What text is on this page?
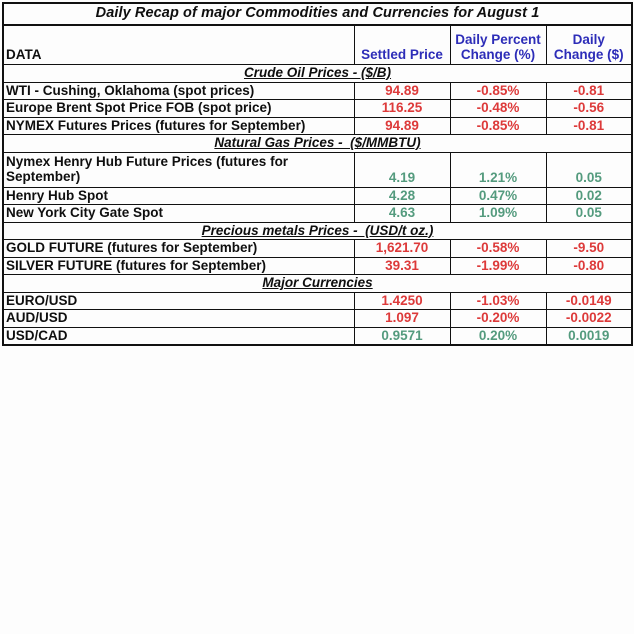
Daily Recap of major Commodities and Currencies for August 1			
DATA	Settled Price	Daily Percent Change (%)	Daily Change ($)
Crude Oil Prices - ($/B)			
WTI - Cushing, Oklahoma (spot prices)	94.89	-0.85%	-0.81
Europe Brent Spot Price FOB (spot price)	116.25	-0.48%	-0.56
NYMEX Futures Prices (futures for September)	94.89	-0.85%	-0.81
Natural Gas Prices -  ($/MMBTU)			
Nymex Henry Hub Future Prices (futures for September)	4.19	1.21%	0.05
Henry Hub Spot	4.28	0.47%	0.02
New York City Gate Spot	4.63	1.09%	0.05
Precious metals Prices -  (USD/t oz.)			
GOLD FUTURE (futures for September)	1,621.70	-0.58%	-9.50
SILVER FUTURE (futures for September)	39.31	-1.99%	-0.80
Major Currencies			
EURO/USD	1.4250	-1.03%	-0.0149
AUD/USD	1.097	-0.20%	-0.0022
USD/CAD	0.9571	0.20%	0.0019
